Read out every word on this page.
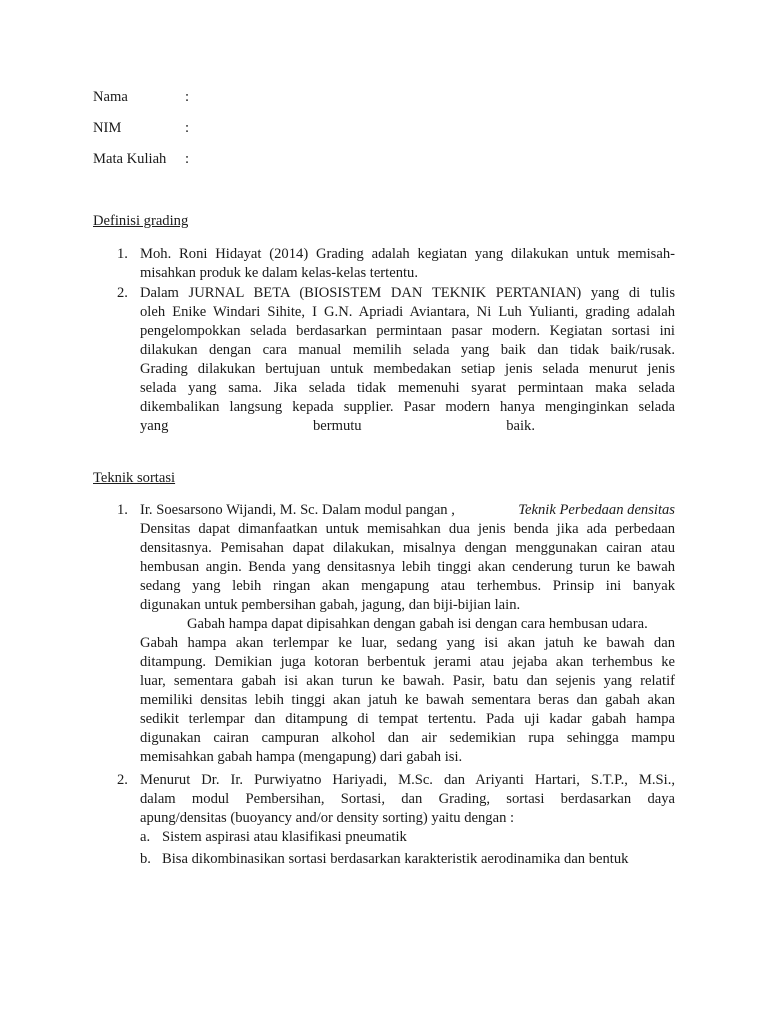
Nama	:
NIM	:
Mata Kuliah :
Definisi grading
1. Moh. Roni Hidayat (2014) Grading adalah kegiatan yang dilakukan untuk memisah-
misahkan produk ke dalam kelas-kelas tertentu.
2. Dalam JURNAL BETA (BIOSISTEM DAN TEKNIK PERTANIAN) yang di tulis
oleh Enike Windari Sihite, I G.N. Apriadi Aviantara, Ni Luh Yulianti, grading adalah
pengelompokkan selada berdasarkan permintaan pasar modern. Kegiatan sortasi ini
dilakukan dengan cara manual memilih selada yang baik dan tidak baik/rusak.
Grading dilakukan bertujuan untuk membedakan setiap jenis selada menurut jenis
selada yang sama. Jika selada tidak memenuhi syarat permintaan maka selada
dikembalikan langsung kepada supplier. Pasar modern hanya menginginkan selada
yang	bermutu	baik.
Teknik sortasi
1. Ir. Soesarsono Wijandi, M. Sc. Dalam modul pangan ,	Teknik Perbedaan densitas
Densitas dapat dimanfaatkan untuk memisahkan dua jenis benda jika ada perbedaan
densitasnya. Pemisahan dapat dilakukan, misalnya dengan menggunakan cairan atau
hembusan angin. Benda yang densitasnya lebih tinggi akan cenderung turun ke bawah
sedang yang lebih ringan akan mengapung atau terhembus. Prinsip ini banyak
digunakan untuk pembersihan gabah, jagung, dan biji-bijian lain.
Gabah hampa dapat dipisahkan dengan gabah isi dengan cara hembusan udara.
Gabah hampa akan terlempar ke luar, sedang yang isi akan jatuh ke bawah dan
ditampung. Demikian juga kotoran berbentuk jerami atau jejaba akan terhembus ke
luar, sementara gabah isi akan turun ke bawah. Pasir, batu dan sejenis yang relatif
memiliki densitas lebih tinggi akan jatuh ke bawah sementara beras dan gabah akan
sedikit terlempar dan ditampung di tempat tertentu. Pada uji kadar gabah hampa
digunakan cairan campuran alkohol dan air sedemikian rupa sehingga mampu
memisahkan gabah hampa (mengapung) dari gabah isi.
2. Menurut Dr. Ir. Purwiyatno Hariyadi, M.Sc. dan Ariyanti Hartari, S.T.P., M.Si.,
dalam modul Pembersihan, Sortasi, dan Grading, sortasi berdasarkan daya
apung/densitas (buoyancy and/or density sorting) yaitu dengan :
a. Sistem aspirasi atau klasifikasi pneumatik
b. Bisa dikombinasikan sortasi berdasarkan karakteristik aerodinamika dan bentuk
